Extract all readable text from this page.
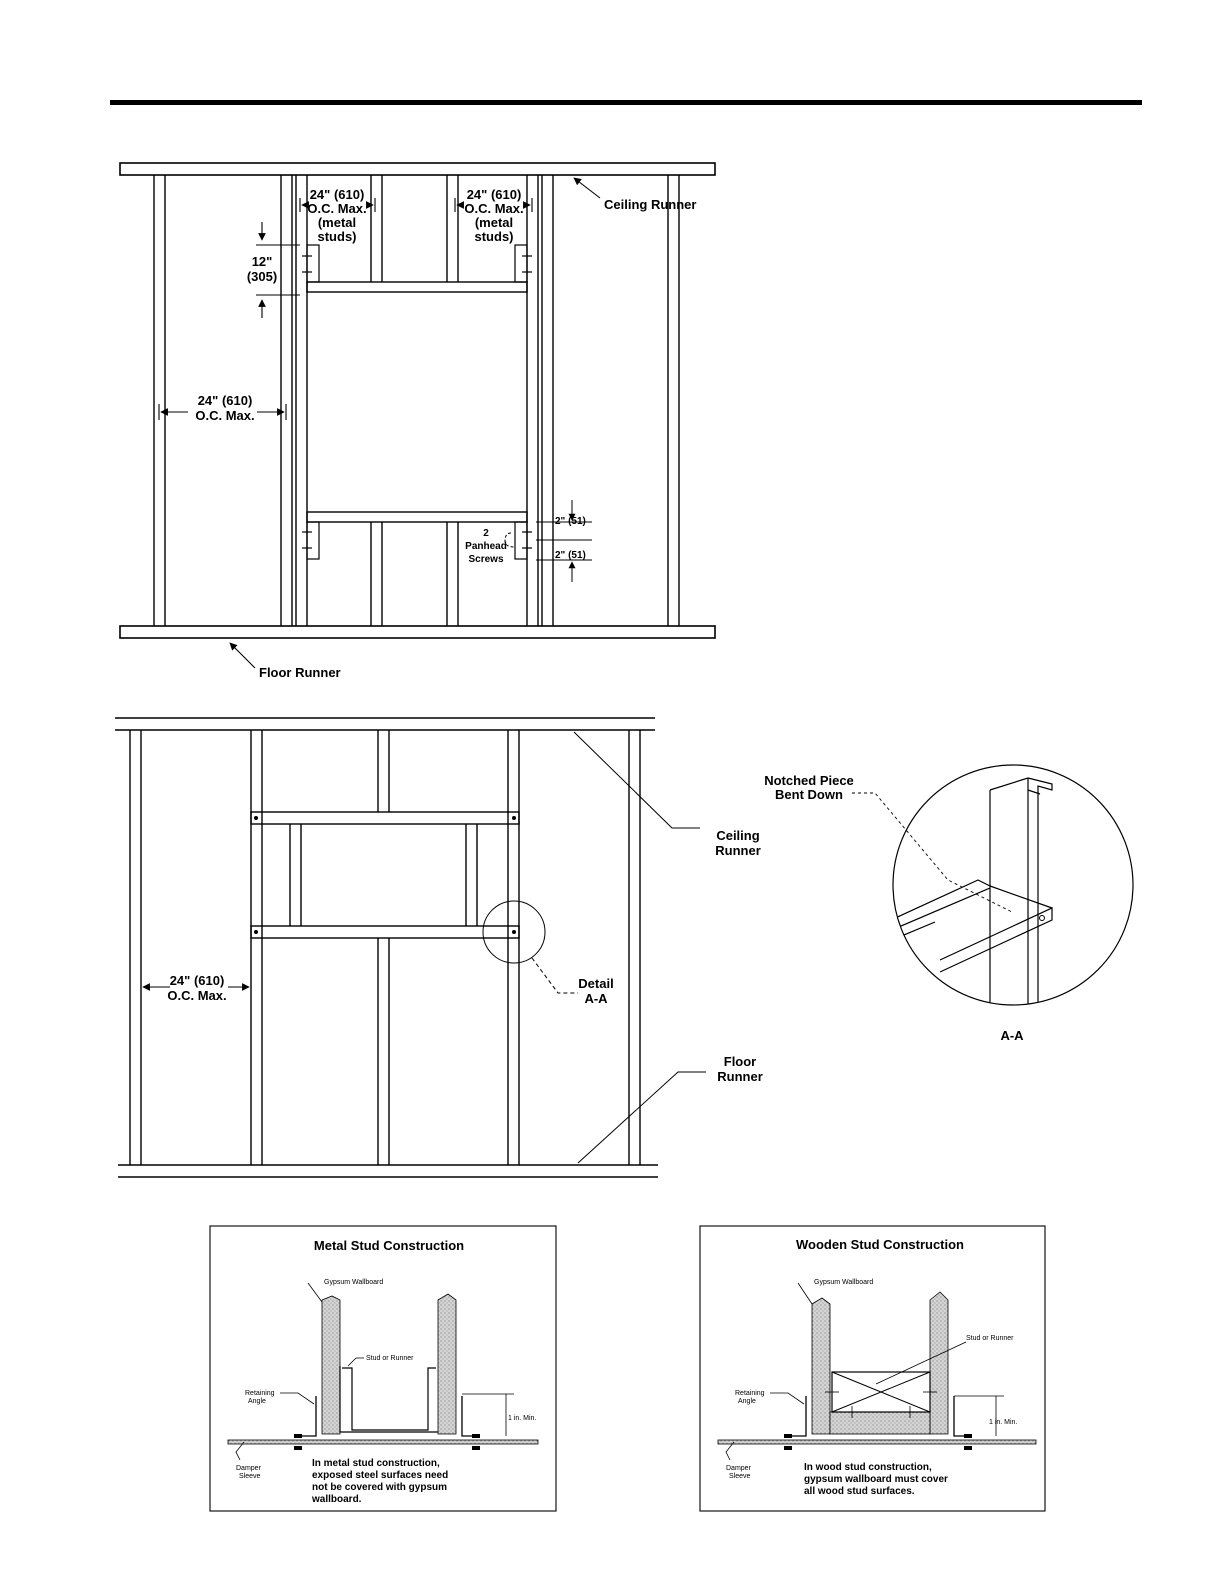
24" (610)
O.C. Max.
(metal
studs)
24" (610)
O.C. Max.
(metal
studs)
Ceiling Runner
12"
(305)
24" (610)
O.C. Max.
2
Panhead
Screws
2" (51)
2" (51)
Floor Runner
Detail
A-A
Ceiling
Runner
Floor
Runner
24" (610)
O.C. Max.
Notched Piece
Bent Down
A-A
Metal Stud Construction
1 in. Min.
Gypsum Wallboard
Stud or Runner
Retaining
Angle
Damper
Sleeve
In metal stud construction,
exposed steel surfaces need
not be covered with gypsum
wallboard.
Wooden Stud Construction
1 in. Min.
Gypsum Wallboard
Stud or Runner
Retaining
Angle
Damper
Sleeve
In wood stud construction,
gypsum wallboard must cover
all wood stud surfaces.
